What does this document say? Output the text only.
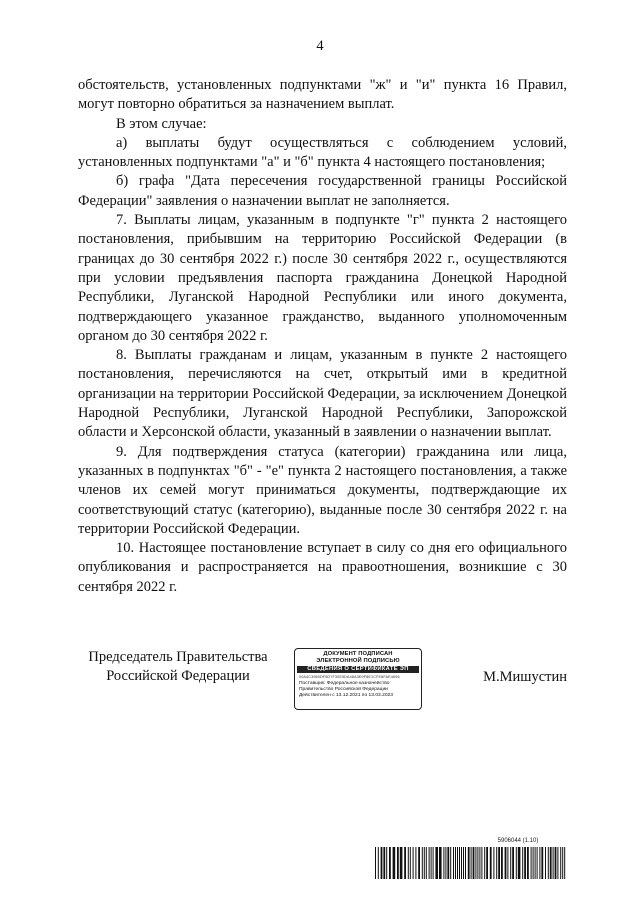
4

обстоятельств, установленных подпунктами "ж" и "и" пункта 16 Правил, могут повторно обратиться за назначением выплат.

В этом случае:

а) выплаты будут осуществляться с соблюдением условий, установленных подпунктами "а" и "б" пункта 4 настоящего постановления;

б) графа "Дата пересечения государственной границы Российской Федерации" заявления о назначении выплат не заполняется.

7. Выплаты лицам, указанным в подпункте "г" пункта 2 настоящего постановления, прибывшим на территорию Российской Федерации (в границах до 30 сентября 2022 г.) после 30 сентября 2022 г., осуществляются при условии предъявления паспорта гражданина Донецкой Народной Республики, Луганской Народной Республики или иного документа, подтверждающего указанное гражданство, выданного уполномоченным органом до 30 сентября 2022 г.

8. Выплаты гражданам и лицам, указанным в пункте 2 настоящего постановления, перечисляются на счет, открытый ими в кредитной организации на территории Российской Федерации, за исключением Донецкой Народной Республики, Луганской Народной Республики, Запорожской области и Херсонской области, указанный в заявлении о назначении выплат.

9. Для подтверждения статуса (категории) гражданина или лица, указанных в подпунктах "б" - "е" пункта 2 настоящего постановления, а также членов их семей могут приниматься документы, подтверждающие их соответствующий статус (категорию), выданные после 30 сентября 2022 г. на территории Российской Федерации.

10. Настоящее постановление вступает в силу со дня его официального опубликования и распространяется на правоотношения, возникшие с 30 сентября 2022 г.

Председатель Правительства
Российской Федерации
ДОКУМЕНТ ПОДПИСАН
ЭЛЕКТРОННОЙ ПОДПИСЬЮ
СВЕДЕНИЯ О СЕРТИФИКАТЕ ЭП
00A4C3980DF5D7F30E5DA48A3E9F8E1CFE8FAE4696
Поставщик: Федеральное казначейство
Правительство Российской Федерации
Действителен с 13.12.2021 по 13.03.2023
М.Мишустин
5906044 (1.10)
